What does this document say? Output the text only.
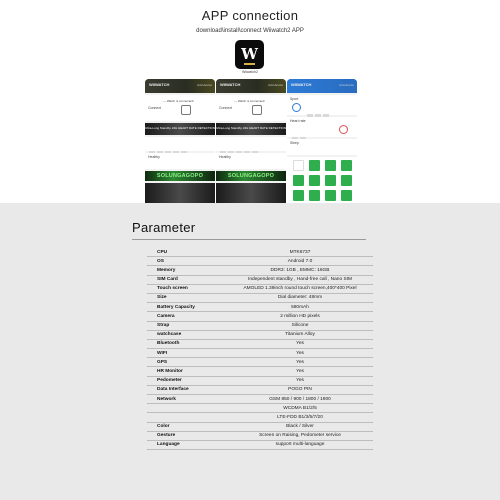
APP connection
download\install\connect Wiiwatch2 APP
W
Wiiwatch2
WIIWATCH	Add device
Connect
--- Watch is connected!
Ultra-Long Standby 24H HEART RATE DETECTION
Healthy
SOLUNGAGOPO
WIIWATCH	Add device
Connect
--- Watch is connected!
Ultra-Long Standby 24H HEART RATE DETECTION
Healthy
SOLUNGAGOPO
WIIWATCH	Add device
Sport
Heart rate
Sleep
Parameter
CPU	MTK6737
OS	Android 7.0
Memory	DDR3: 1GB , EMMC: 16GB
SIM Card	Independent standby , Hand-free call , Nano SIM
Touch screen	AMOLED 1.39inch round touch screen,400*400 Pixel
Size	Dial diameter: 48mm
Battery Capacity	580mAh
Camera	2 million HD pixels
Strap	Silicone
watchcase	Titanium Alloy
Bluetooth	Yes
WIFI	Yes
GPS	Yes
HR Monitor	Yes
Pedometer	Yes
Data Interface	POGO PIN
Network	GSM 850 / 900 / 1800 / 1900
WCDMA B1/2/5
LTE-FDD B1/3/5/7/20
Color	Black / Silver
Gesture	Screen on Raising, Pedometer service
Language	support multi-language
